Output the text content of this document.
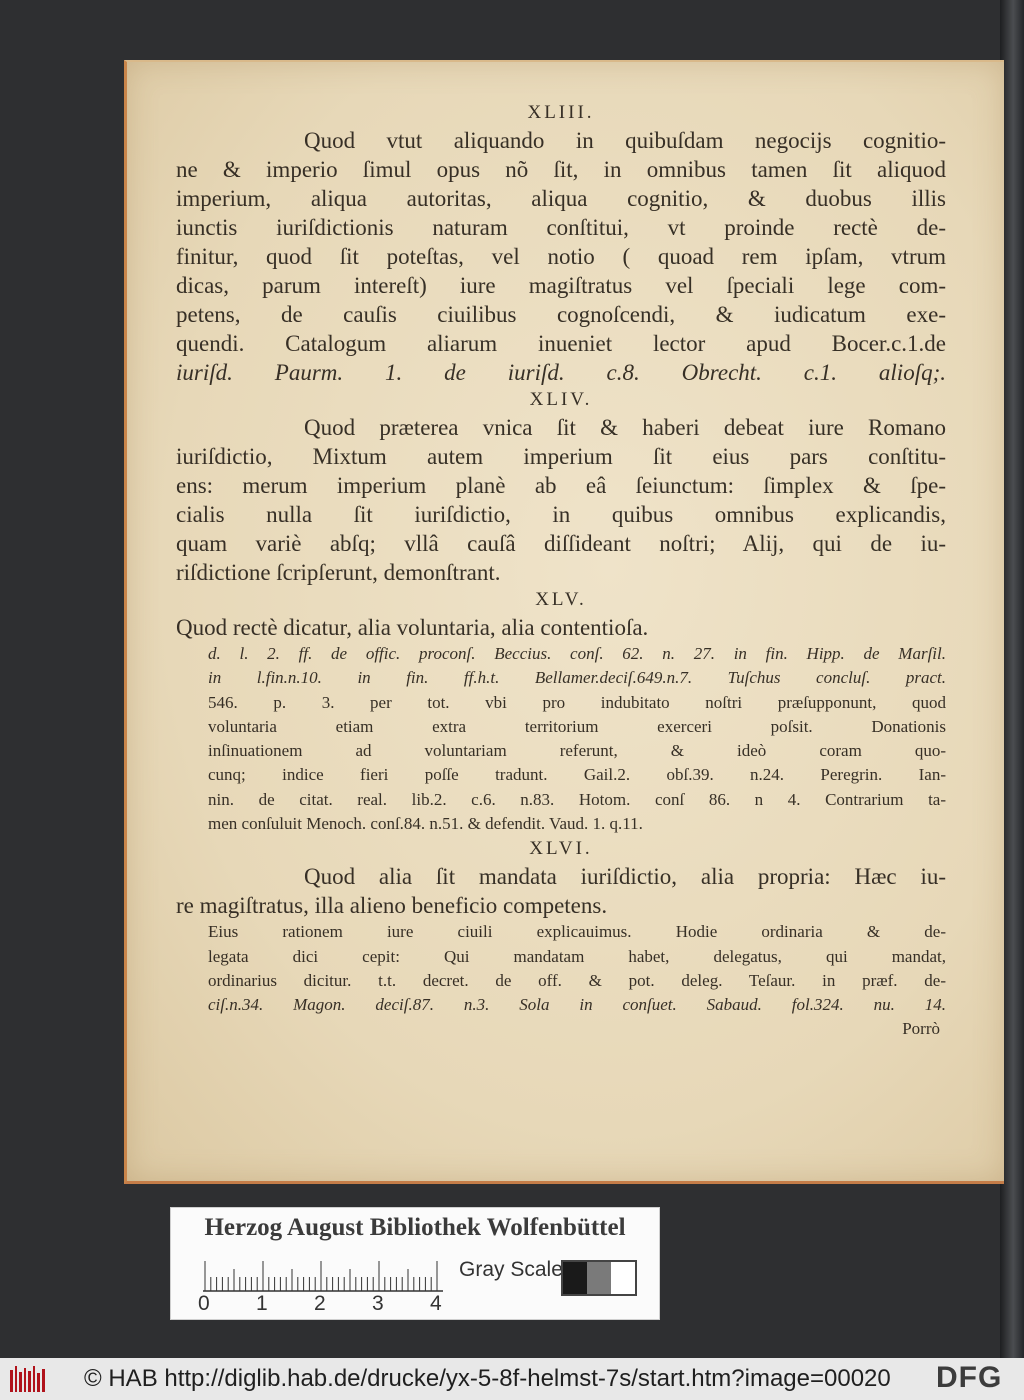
XLIII.
Quod vtut aliquando in quibuſdam negocijs cognitio-
ne & imperio ſimul opus nõ ſit, in omnibus tamen ſit aliquod
imperium, aliqua autoritas, aliqua cognitio, & duobus illis
iunctis iuriſdictionis naturam conſtitui, vt proinde rectè de-
finitur, quod ſit poteſtas, vel notio ( quoad rem ipſam, vtrum
dicas, parum intereſt) iure magiſtratus vel ſpeciali lege com-
petens, de cauſis ciuilibus cognoſcendi, & iudicatum exe-
quendi. Catalogum aliarum inueniet lector apud Bocer.c.1.de
iuriſd. Paurm. 1. de iuriſd. c.8. Obrecht. c.1. alioſq;.
XLIV.
Quod præterea vnica ſit & haberi debeat iure Romano
iuriſdictio, Mixtum autem imperium ſit eius pars conſtitu-
ens: merum imperium planè ab eâ ſeiunctum: ſimplex & ſpe-
cialis nulla ſit iuriſdictio, in quibus omnibus explicandis,
quam variè abſq; vllâ cauſâ diſſideant noſtri; Alij, qui de iu-
riſdictione ſcripſerunt, demonſtrant.
XLV.
Quod rectè dicatur, alia voluntaria, alia contentioſa.
d. l. 2. ff. de offic. proconſ. Beccius. conſ. 62. n. 27. in fin. Hipp. de Marſil.
in l.fin.n.10. in fin. ff.h.t. Bellamer.deciſ.649.n.7. Tuſchus concluſ. pract.
546. p. 3. per tot. vbi pro indubitato noſtri præſupponunt, quod
voluntaria etiam extra territorium exerceri poſsit. Donationis
inſinuationem ad voluntariam referunt, & ideò coram quo-
cunq; indice fieri poſſe tradunt. Gail.2. obſ.39. n.24. Peregrin. Ian-
nin. de citat. real. lib.2. c.6. n.83. Hotom. conſ 86. n 4. Contrarium ta-
men conſuluit Menoch. conſ.84. n.51. & defendit. Vaud. 1. q.11.
XLVI.
Quod alia ſit mandata iuriſdictio, alia propria: Hæc iu-
re magiſtratus, illa alieno beneficio competens.
Eius rationem iure ciuili explicauimus. Hodie ordinaria & de-
legata dici cepit: Qui mandatam habet, delegatus, qui mandat,
ordinarius dicitur. t.t. decret. de off. & pot. deleg. Teſaur. in præf. de-
ciſ.n.34. Magon. deciſ.87. n.3. Sola in conſuet. Sabaud. fol.324. nu. 14.
Porrò
Herzog August Bibliothek Wolfenbüttel
0 1 2 3 4
Gray Scale
© HAB http://diglib.hab.de/drucke/yx-5-8f-helmst-7s/start.htm?image=00020 DFG
